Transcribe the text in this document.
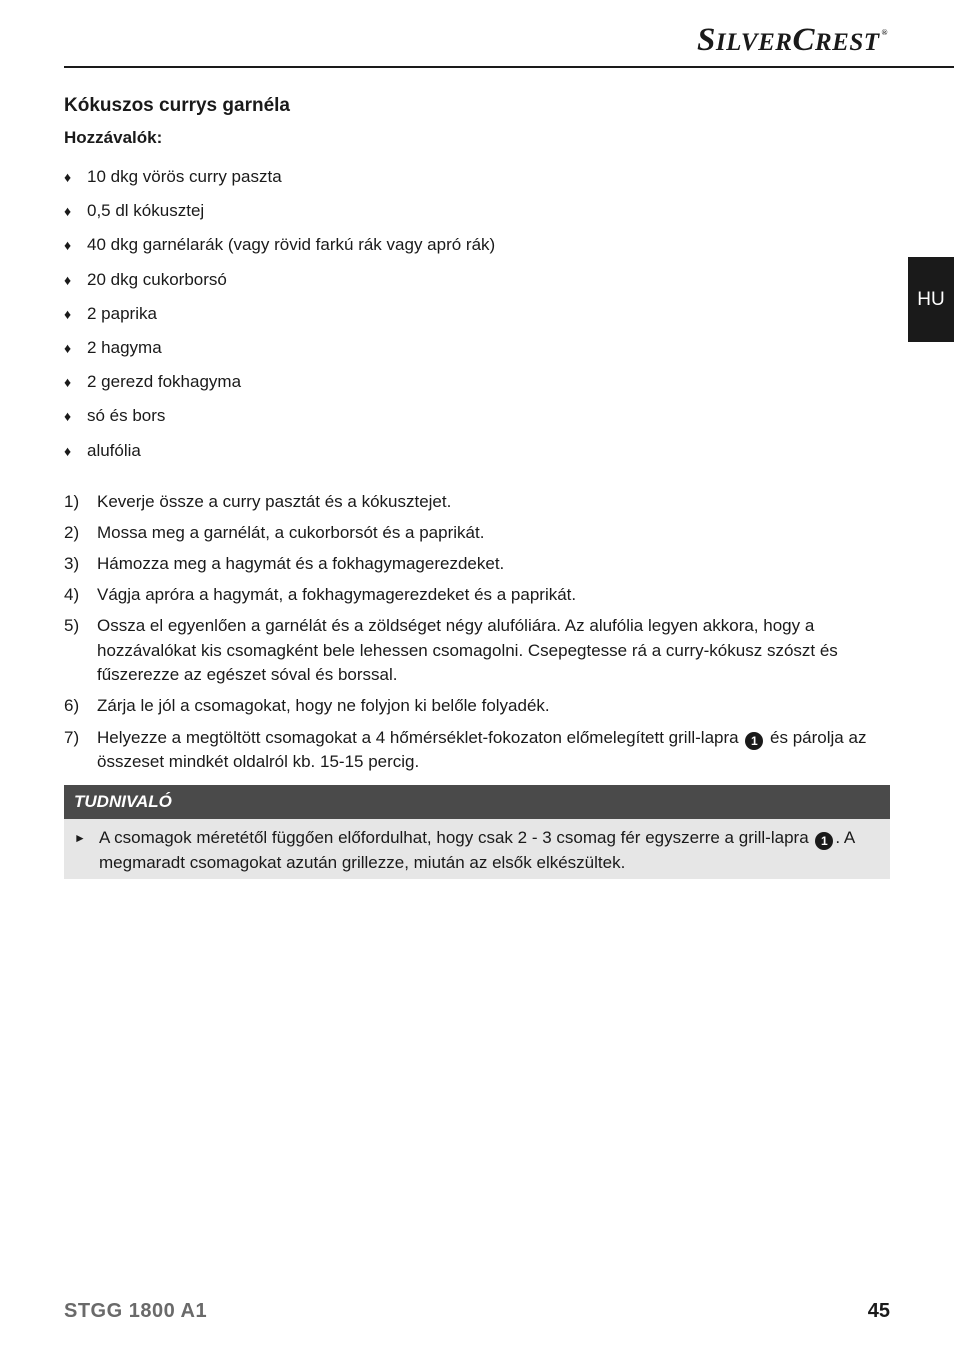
SILVERCREST ®
HU
Kókuszos currys garnéla
Hozzávalók:
♦ 10 dkg vörös curry paszta
♦ 0,5 dl kókusztej
♦ 40 dkg garnélarák (vagy rövid farkú rák vagy apró rák)
♦ 20 dkg cukorborsó
♦ 2 paprika
♦ 2 hagyma
♦ 2 gerezd fokhagyma
♦ só és bors
♦ alufólia
1)	Keverje össze a curry pasztát és a kókusztejet.
2)	Mossa meg a garnélát, a cukorborsót és a paprikát.
3)	Hámozza meg a hagymát és a fokhagymagerezdeket.
4)	Vágja apróra a hagymát, a fokhagymagerezdeket és a paprikát.
5)	Ossza el egyenlően a garnélát és a zöldséget négy alufóliára. Az alufólia legyen akkora, hogy a hozzávalókat kis csomagként bele lehessen csomagolni. Csepegtesse rá a curry-kókusz szószt és fűszerezze az egészet sóval és borssal.
6)	Zárja le jól a csomagokat, hogy ne folyjon ki belőle folyadék.
7)	Helyezze a megtöltött csomagokat a 4 hőmérséklet-fokozaton előmelegített grill-lapra 1 és párolja az összeset mindkét oldalról kb. 15-15 percig.
TUDNIVALÓ
► A csomagok méretétől függően előfordulhat, hogy csak 2 - 3 csomag fér egyszerre a grill-lapra 1 . A megmaradt csomagokat azután grillezze, miután az elsők elkészültek.
STGG 1800 A1	45
